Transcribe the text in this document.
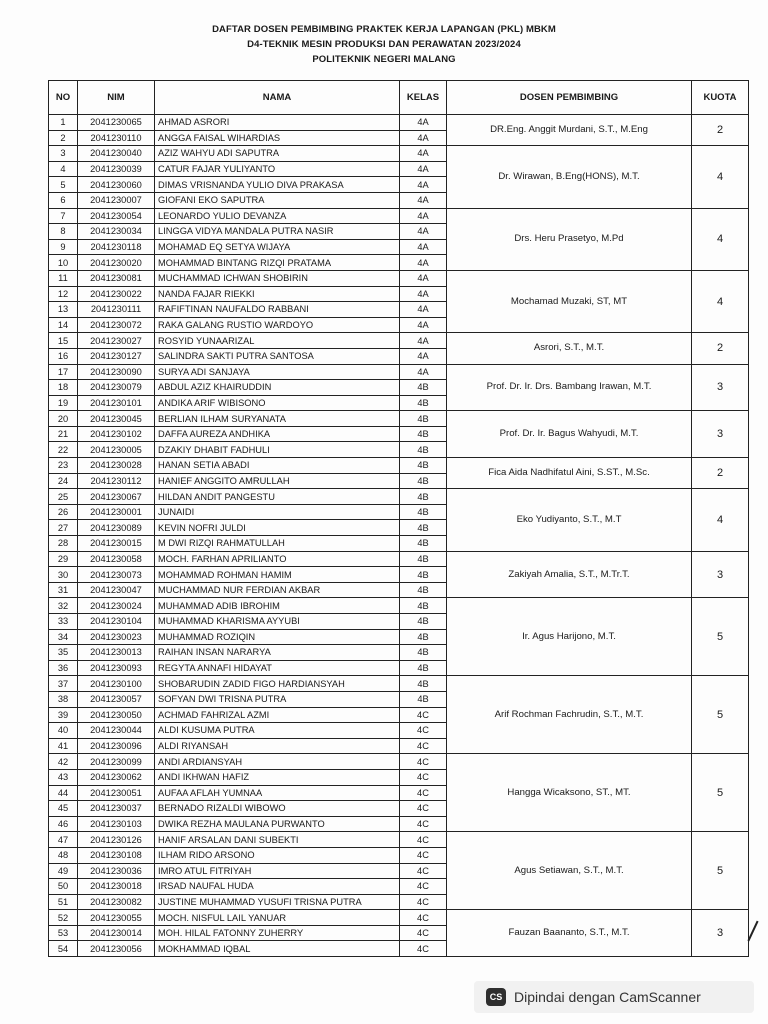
DAFTAR DOSEN PEMBIMBING PRAKTEK KERJA LAPANGAN (PKL) MBKM
D4-TEKNIK MESIN PRODUKSI DAN PERAWATAN 2023/2024
POLITEKNIK NEGERI MALANG
NO	NIM	NAMA	KELAS	DOSEN PEMBIMBING	KUOTA
1	2041230065	AHMAD ASRORI	4A	DR.Eng. Anggit Murdani, S.T., M.Eng	2
2	2041230110	ANGGA FAISAL WIHARDIAS	4A		
3	2041230040	AZIZ WAHYU ADI SAPUTRA	4A	Dr. Wirawan, B.Eng(HONS), M.T.	4
4	2041230039	CATUR FAJAR YULIYANTO	4A		
5	2041230060	DIMAS VRISNANDA YULIO DIVA PRAKASA	4A		
6	2041230007	GIOFANI EKO SAPUTRA	4A		
7	2041230054	LEONARDO YULIO DEVANZA	4A	Drs. Heru Prasetyo, M.Pd	4
8	2041230034	LINGGA VIDYA MANDALA PUTRA NASIR	4A		
9	2041230118	MOHAMAD EQ SETYA WIJAYA	4A		
10	2041230020	MOHAMMAD BINTANG RIZQI PRATAMA	4A		
11	2041230081	MUCHAMMAD ICHWAN SHOBIRIN	4A	Mochamad Muzaki, ST, MT	4
12	2041230022	NANDA FAJAR RIEKKI	4A		
13	2041230111	RAFIFTINAN NAUFALDO RABBANI	4A		
14	2041230072	RAKA GALANG RUSTIO WARDOYO	4A		
15	2041230027	ROSYID YUNAARIZAL	4A	Asrori, S.T., M.T.	2
16	2041230127	SALINDRA SAKTI PUTRA SANTOSA	4A		
17	2041230090	SURYA ADI SANJAYA	4A	Prof. Dr. Ir. Drs. Bambang Irawan, M.T.	3
18	2041230079	ABDUL AZIZ KHAIRUDDIN	4B		
19	2041230101	ANDIKA ARIF WIBISONO	4B		
20	2041230045	BERLIAN ILHAM SURYANATA	4B	Prof. Dr. Ir. Bagus Wahyudi, M.T.	3
21	2041230102	DAFFA AUREZA ANDHIKA	4B		
22	2041230005	DZAKIY DHABIT FADHULI	4B		
23	2041230028	HANAN SETIA ABADI	4B	Fica Aida Nadhifatul Aini, S.ST., M.Sc.	2
24	2041230112	HANIEF ANGGITO AMRULLAH	4B		
25	2041230067	HILDAN ANDIT PANGESTU	4B	Eko Yudiyanto, S.T., M.T	4
26	2041230001	JUNAIDI	4B		
27	2041230089	KEVIN NOFRI JULDI	4B		
28	2041230015	M DWI RIZQI RAHMATULLAH	4B		
29	2041230058	MOCH. FARHAN APRILIANTO	4B	Zakiyah Amalia, S.T., M.Tr.T.	3
30	2041230073	MOHAMMAD ROHMAN HAMIM	4B		
31	2041230047	MUCHAMMAD NUR FERDIAN AKBAR	4B		
32	2041230024	MUHAMMAD ADIB IBROHIM	4B	Ir. Agus Harijono, M.T.	5
33	2041230104	MUHAMMAD KHARISMA AYYUBI	4B		
34	2041230023	MUHAMMAD ROZIQIN	4B		
35	2041230013	RAIHAN INSAN NARARYA	4B		
36	2041230093	REGYTA ANNAFI HIDAYAT	4B		
37	2041230100	SHOBARUDIN ZADID FIGO HARDIANSYAH	4B	Arif Rochman Fachrudin, S.T., M.T.	5
38	2041230057	SOFYAN DWI TRISNA PUTRA	4B		
39	2041230050	ACHMAD FAHRIZAL AZMI	4C		
40	2041230044	ALDI KUSUMA PUTRA	4C		
41	2041230096	ALDI RIYANSAH	4C		
42	2041230099	ANDI ARDIANSYAH	4C	Hangga Wicaksono, ST., MT.	5
43	2041230062	ANDI IKHWAN HAFIZ	4C		
44	2041230051	AUFAA AFLAH YUMNAA	4C		
45	2041230037	BERNADO RIZALDI WIBOWO	4C		
46	2041230103	DWIKA REZHA MAULANA PURWANTO	4C		
47	2041230126	HANIF ARSALAN DANI SUBEKTI	4C	Agus Setiawan, S.T., M.T.	5
48	2041230108	ILHAM RIDO ARSONO	4C		
49	2041230036	IMRO ATUL FITRIYAH	4C		
50	2041230018	IRSAD NAUFAL HUDA	4C		
51	2041230082	JUSTINE MUHAMMAD YUSUFI TRISNA PUTRA	4C		
52	2041230055	MOCH. NISFUL LAIL YANUAR	4C	Fauzan Baananto, S.T., M.T.	3
53	2041230014	MOH. HILAL FATONNY ZUHERRY	4C		
54	2041230056	MOKHAMMAD IQBAL	4C		
CS Dipindai dengan CamScanner
